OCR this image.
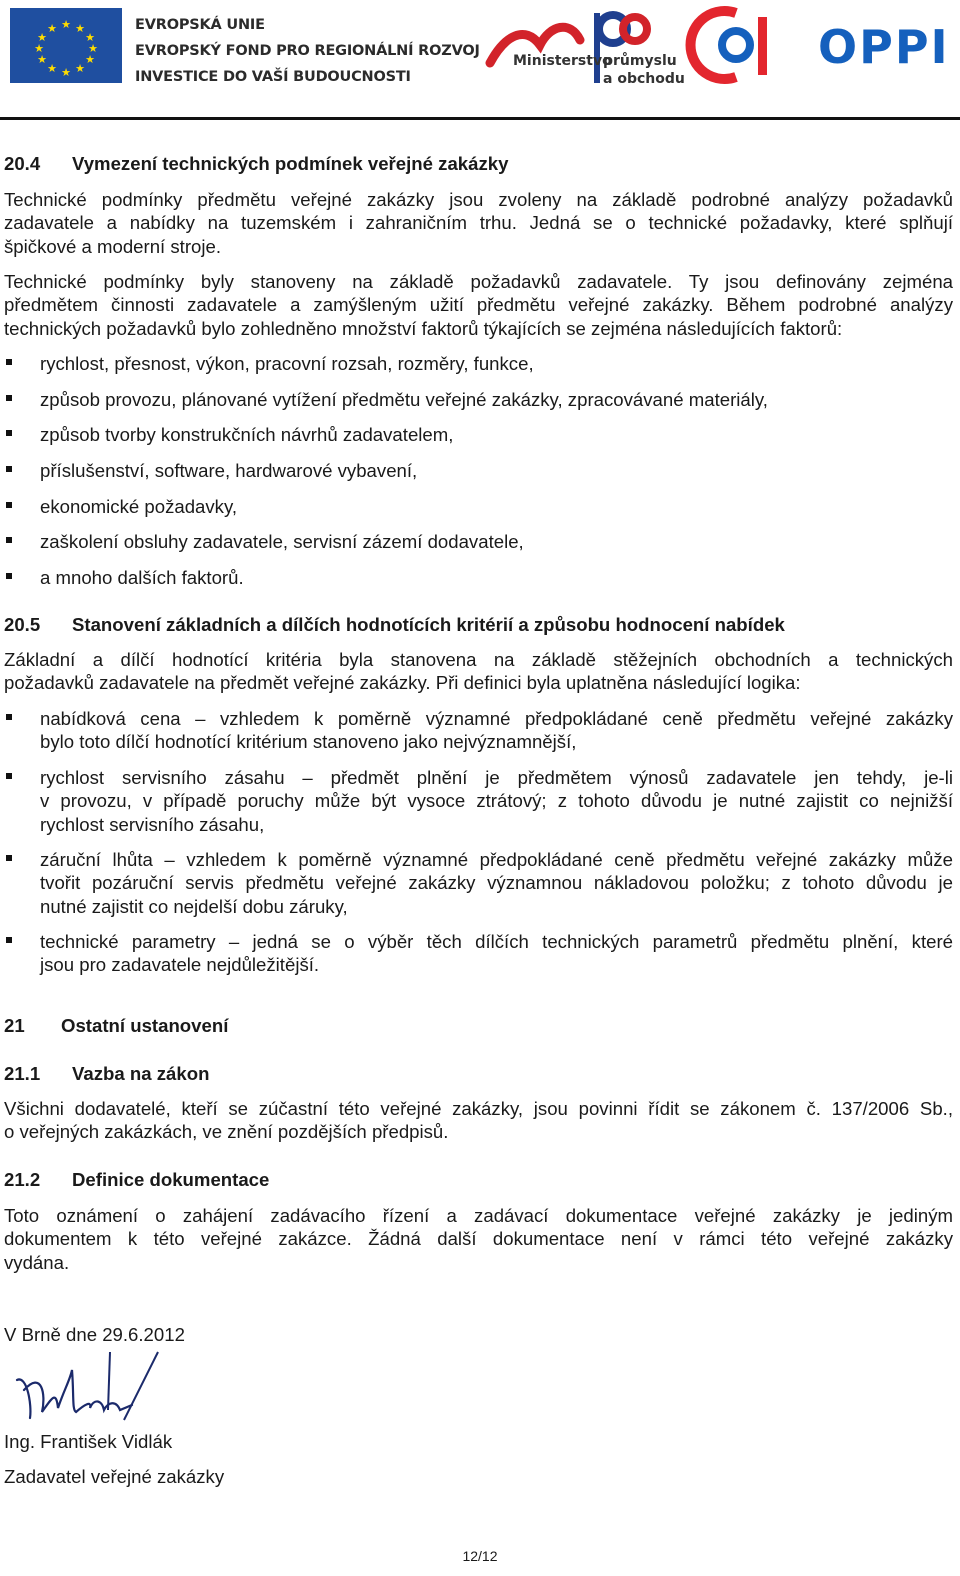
★ ★
★
★
★
★
★
★
★
★
★
★	EVROPSKÁ UNIE
EVROPSKÝ FOND PRO REGIONÁLNÍ ROZVOJ
INVESTICE DO VAŠÍ BUDOUCNOSTI
Ministerstvo
průmyslu
a obchodu
OPPI
20.4 Vymezení technických podmínek veřejné zakázky
Technické podmínky předmětu veřejné zakázky jsou zvoleny na základě podrobné analýzy požadavků
zadavatele a nabídky na tuzemském i zahraničním trhu. Jedná se o technické požadavky, které splňují
špičkové a moderní stroje.
Technické podmínky byly stanoveny na základě požadavků zadavatele. Ty jsou definovány zejména
předmětem činnosti zadavatele a zamýšleným užití předmětu veřejné zakázky. Během podrobné analýzy
technických požadavků bylo zohledněno množství faktorů týkajících se zejména následujících faktorů:
rychlost, přesnost, výkon, pracovní rozsah, rozměry, funkce,
způsob provozu, plánované vytížení předmětu veřejné zakázky, zpracovávané materiály,
způsob tvorby konstrukčních návrhů zadavatelem,
příslušenství, software, hardwarové vybavení,
ekonomické požadavky,
zaškolení obsluhy zadavatele, servisní zázemí dodavatele,
a mnoho dalších faktorů.
20.5 Stanovení základních a dílčích hodnotících kritérií a způsobu hodnocení nabídek
Základní a dílčí hodnotící kritéria byla stanovena na základě stěžejních obchodních a technických
požadavků zadavatele na předmět veřejné zakázky. Při definici byla uplatněna následující logika:
nabídková cena – vzhledem k poměrně významné předpokládané ceně předmětu veřejné zakázky
bylo toto dílčí hodnotící kritérium stanoveno jako nejvýznamnější,
rychlost servisního zásahu – předmět plnění je předmětem výnosů zadavatele jen tehdy, je-li
v provozu, v případě poruchy může být vysoce ztrátový; z tohoto důvodu je nutné zajistit co nejnižší
rychlost servisního zásahu,
záruční lhůta – vzhledem k poměrně významné předpokládané ceně předmětu veřejné zakázky může
tvořit pozáruční servis předmětu veřejné zakázky významnou nákladovou položku; z tohoto důvodu je
nutné zajistit co nejdelší dobu záruky,
technické parametry – jedná se o výběr těch dílčích technických parametrů předmětu plnění, které
jsou pro zadavatele nejdůležitější.
21 Ostatní ustanovení
21.1 Vazba na zákon
Všichni dodavatelé, kteří se zúčastní této veřejné zakázky, jsou povinni řídit se zákonem č. 137/2006 Sb.,
o veřejných zakázkách, ve znění pozdějších předpisů.
21.2 Definice dokumentace
Toto oznámení o zahájení zadávacího řízení a zadávací dokumentace veřejné zakázky je jediným
dokumentem k této veřejné zakázce. Žádná další dokumentace není v rámci této veřejné zakázky
vydána.
V Brně dne 29.6.2012
Ing. František Vidlák
Zadavatel veřejné zakázky
12/12
